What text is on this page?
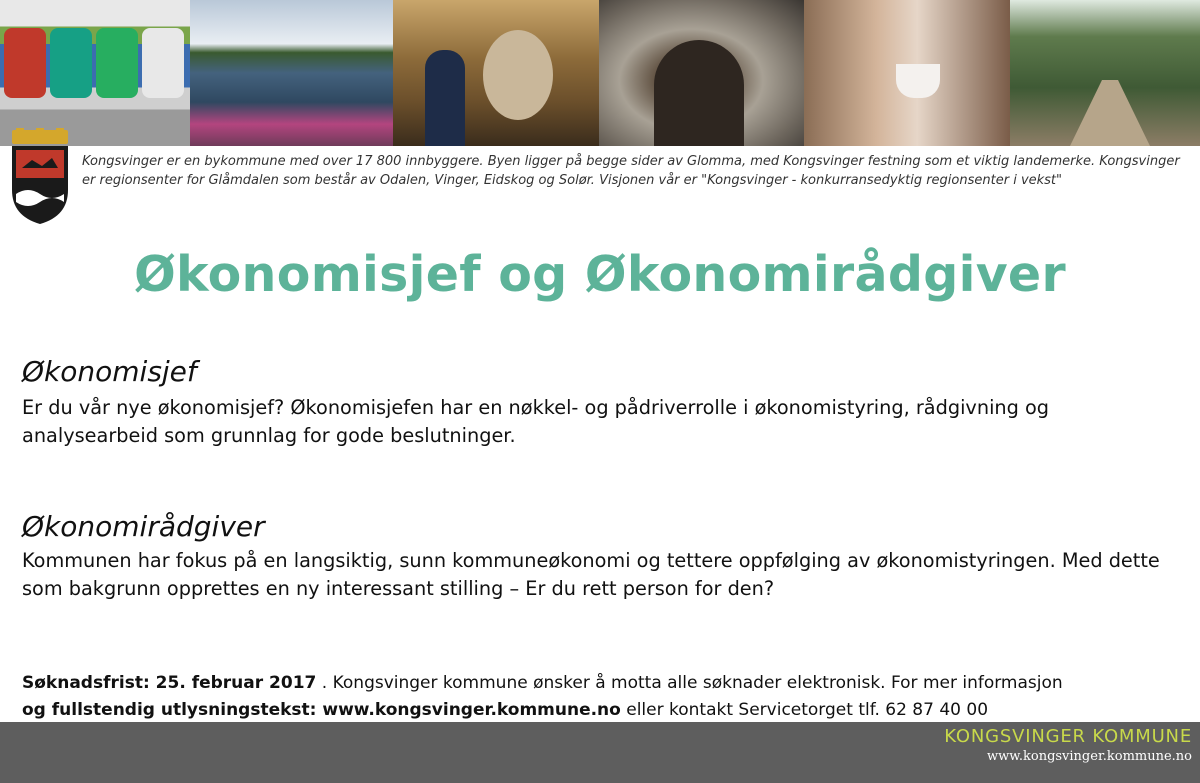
Kongsvinger er en bykommune med over 17 800 innbyggere. Byen ligger på begge sider av Glomma, med Kongsvinger festning som et viktig landemerke. Kongsvinger er regionsenter for Glåmdalen som består av Odalen, Vinger, Eidskog og Solør. Visjonen vår er "Kongsvinger - konkurransedyktig regionsenter i vekst"

Økonomisjef og Økonomirådgiver
Økonomisjef

Er du vår nye økonomisjef? Økonomisjefen har en nøkkel- og pådriverrolle i økonomistyring, rådgivning og analysearbeid som grunnlag for gode beslutninger.

Økonomirådgiver

Kommunen har fokus på en langsiktig, sunn kommuneøkonomi og tettere oppfølging av økonomistyringen. Med dette som bakgrunn opprettes en ny interessant stilling – Er du rett person for den?

Søknadsfrist: 25. februar 2017 . Kongsvinger kommune ønsker å motta alle søknader elektronisk. For mer informasjon
og fullstendig utlysningstekst: www.kongsvinger.kommune.no eller kontakt Servicetorget tlf. 62 87 40 00

KONGSVINGER KOMMUNE

www.kongsvinger.kommune.no
